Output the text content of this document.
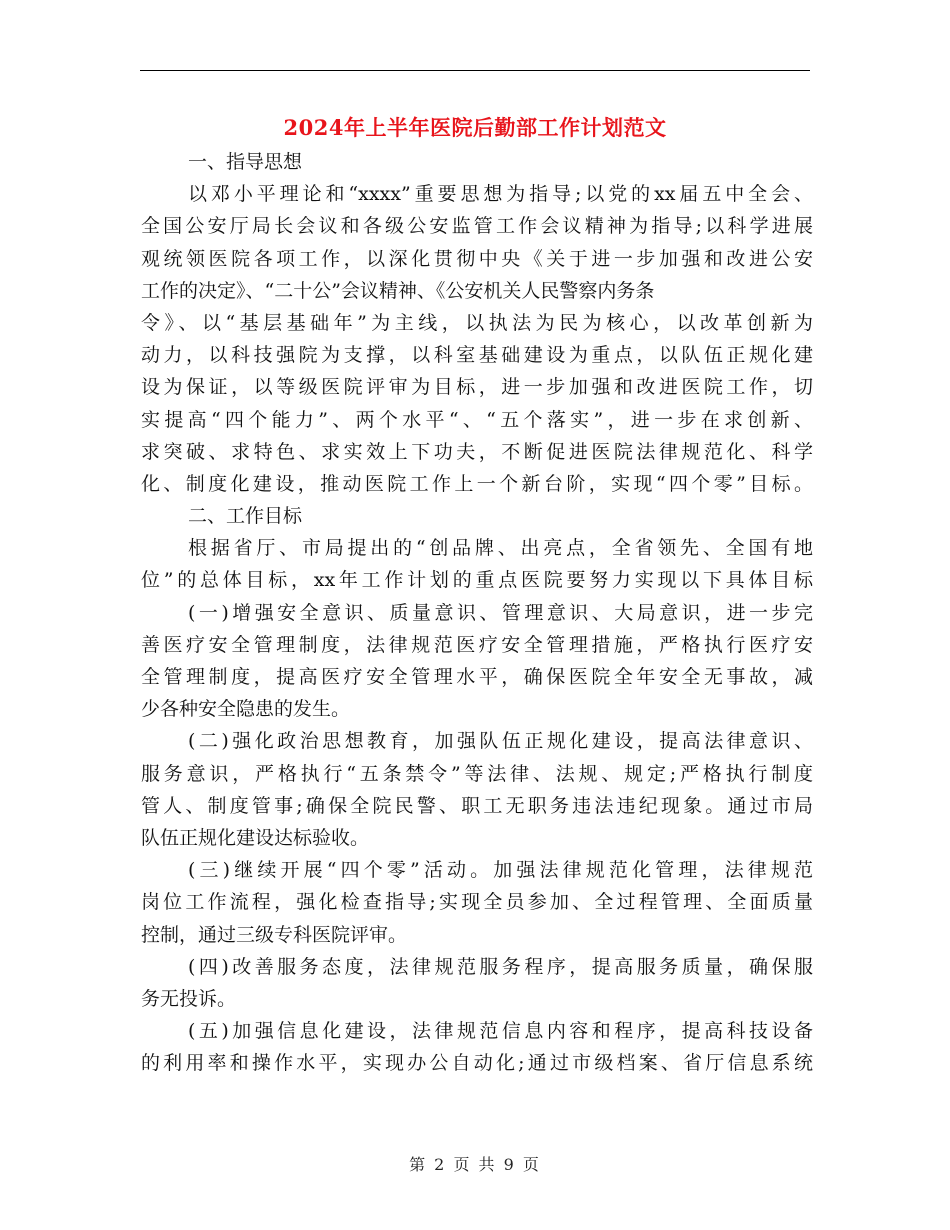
2024年上半年医院后勤部工作计划范文
一、指导思想
以邓小平理论和“xxxx”重要思想为指导;以党的xx届五中全会、
全国公安厅局长会议和各级公安监管工作会议精神为指导;以科学进展
观统领医院各项工作，以深化贯彻中央《关于进一步加强和改进公安
工作的决定》、“二十公”会议精神、《公安机关人民警察内务条
令》、以“基层基础年”为主线，以执法为民为核心，以改革创新为
动力，以科技强院为支撑，以科室基础建设为重点，以队伍正规化建
设为保证，以等级医院评审为目标，进一步加强和改进医院工作，切
实提高“四个能力”、两个水平“、“五个落实”，进一步在求创新、
求突破、求特色、求实效上下功夫，不断促进医院法律规范化、科学
化、制度化建设，推动医院工作上一个新台阶，实现“四个零”目标。
二、工作目标
根据省厅、市局提出的“创品牌、出亮点，全省领先、全国有地
位”的总体目标，xx年工作计划的重点医院要努力实现以下具体目标
(一)增强安全意识、质量意识、管理意识、大局意识，进一步完
善医疗安全管理制度，法律规范医疗安全管理措施，严格执行医疗安
全管理制度，提高医疗安全管理水平，确保医院全年安全无事故，减
少各种安全隐患的发生。
(二)强化政治思想教育，加强队伍正规化建设，提高法律意识、
服务意识，严格执行“五条禁令”等法律、法规、规定;严格执行制度
管人、制度管事;确保全院民警、职工无职务违法违纪现象。通过市局
队伍正规化建设达标验收。
(三)继续开展“四个零”活动。加强法律规范化管理，法律规范
岗位工作流程，强化检查指导;实现全员参加、全过程管理、全面质量
控制，通过三级专科医院评审。
(四)改善服务态度，法律规范服务程序，提高服务质量，确保服
务无投诉。
(五)加强信息化建设，法律规范信息内容和程序，提高科技设备
的利用率和操作水平，实现办公自动化;通过市级档案、省厅信息系统
第 2 页 共 9 页
